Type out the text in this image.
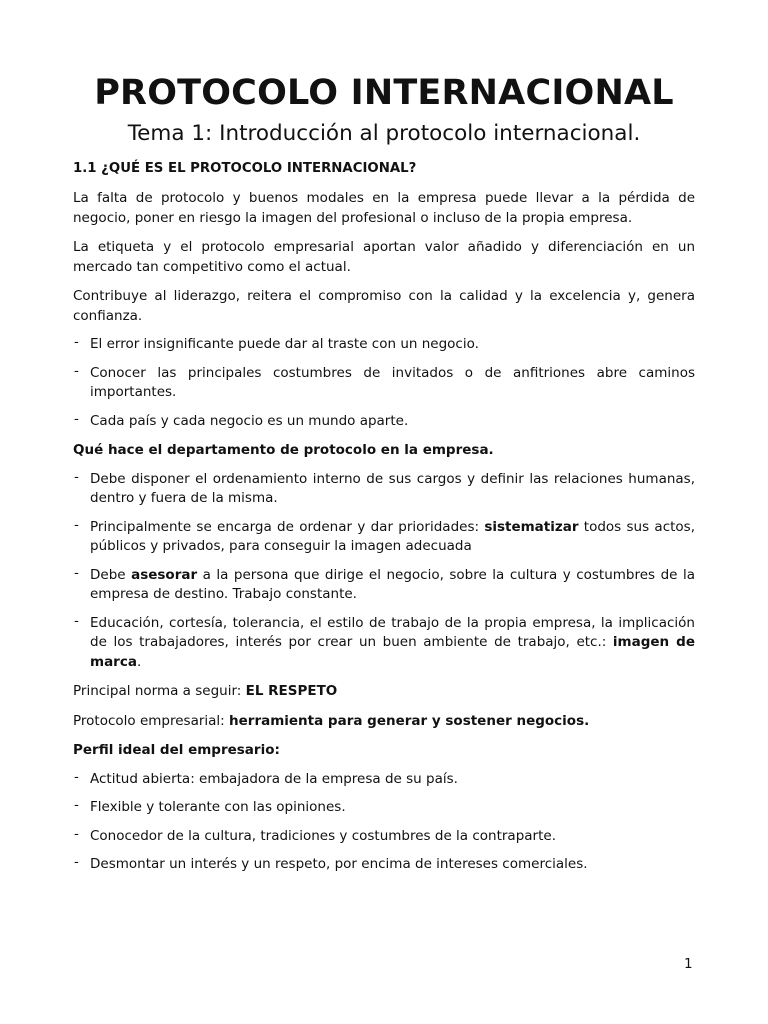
PROTOCOLO INTERNACIONAL
Tema 1: Introducción al protocolo internacional.
1.1 ¿QUÉ ES EL PROTOCOLO INTERNACIONAL?

La falta de protocolo y buenos modales en la empresa puede llevar a la pérdida de negocio, poner en riesgo la imagen del profesional o incluso de la propia empresa.

La etiqueta y el protocolo empresarial aportan valor añadido y diferenciación en un mercado tan competitivo como el actual.

Contribuye al liderazgo, reitera el compromiso con la calidad y la excelencia y, genera confianza.

- El error insignificante puede dar al traste con un negocio.
- Conocer las principales costumbres de invitados o de anfitriones abre caminos importantes.
- Cada país y cada negocio es un mundo aparte.
Qué hace el departamento de protocolo en la empresa.
- Debe disponer el ordenamiento interno de sus cargos y definir las relaciones humanas, dentro y fuera de la misma.
- Principalmente se encarga de ordenar y dar prioridades: sistematizar todos sus actos, públicos y privados, para conseguir la imagen adecuada
- Debe asesorar a la persona que dirige el negocio, sobre la cultura y costumbres de la empresa de destino. Trabajo constante.
- Educación, cortesía, tolerancia, el estilo de trabajo de la propia empresa, la implicación de los trabajadores, interés por crear un buen ambiente de trabajo, etc.: imagen de marca.

Principal norma a seguir: EL RESPETO

Protocolo empresarial: herramienta para generar y sostener negocios.

Perfil ideal del empresario:
- Actitud abierta: embajadora de la empresa de su país.
- Flexible y tolerante con las opiniones.
- Conocedor de la cultura, tradiciones y costumbres de la contraparte.
- Desmontar un interés y un respeto, por encima de intereses comerciales.
1
